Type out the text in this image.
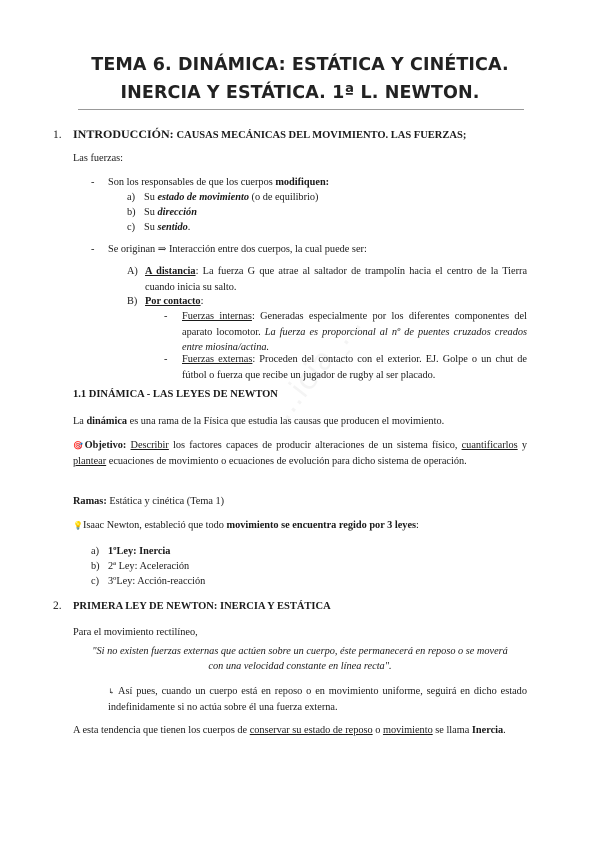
TEMA 6. DINÁMICA: ESTÁTICA Y CINÉTICA.
INERCIA Y ESTÁTICA. 1ª L. NEWTON.
1. INTRODUCCIÓN: CAUSAS MECÁNICAS DEL MOVIMIENTO. LAS FUERZAS;
Las fuerzas:
- Son los responsables de que los cuerpos modifiquen:
a) Su estado de movimiento (o de equilibrio)
b) Su dirección
c) Su sentido.
- Se originan ⇒ Interacción entre dos cuerpos, la cual puede ser:
A) A distancia: La fuerza G que atrae al saltador de trampolín hacia el centro de la Tierra cuando inicia su salto.
B) Por contacto:
- Fuerzas internas: Generadas especialmente por los diferentes componentes del aparato locomotor. La fuerza es proporcional al nº de puentes cruzados creados entre miosina/actina.
- Fuerzas externas: Proceden del contacto con el exterior. EJ. Golpe o un chut de fútbol o fuerza que recibe un jugador de rugby al ser placado.
1.1 DINÁMICA - LAS LEYES DE NEWTON
La dinámica es una rama de la Física que estudia las causas que producen el movimiento.
🎯Objetivo: Describir los factores capaces de producir alteraciones de un sistema físico, cuantificarlos y plantear ecuaciones de movimiento o ecuaciones de evolución para dicho sistema de operación.
Ramas: Estática y cinética (Tema 1)
💡Isaac Newton, estableció que todo movimiento se encuentra regido por 3 leyes:
a) 1ºLey: Inercia
b) 2ª Ley: Aceleración
c) 3ºLey: Acción-reacción
2. PRIMERA LEY DE NEWTON: INERCIA Y ESTÁTICA
Para el movimiento rectilíneo,
"Si no existen fuerzas externas que actúen sobre un cuerpo, éste permanecerá en reposo o se moverá
con una velocidad constante en línea recta".
↳ Así pues, cuando un cuerpo está en reposo o en movimiento uniforme, seguirá en dicho estado indefinidamente si no actúa sobre él una fuerza externa.
A esta tendencia que tienen los cuerpos de conservar su estado de reposo o movimiento se llama Inercia.
